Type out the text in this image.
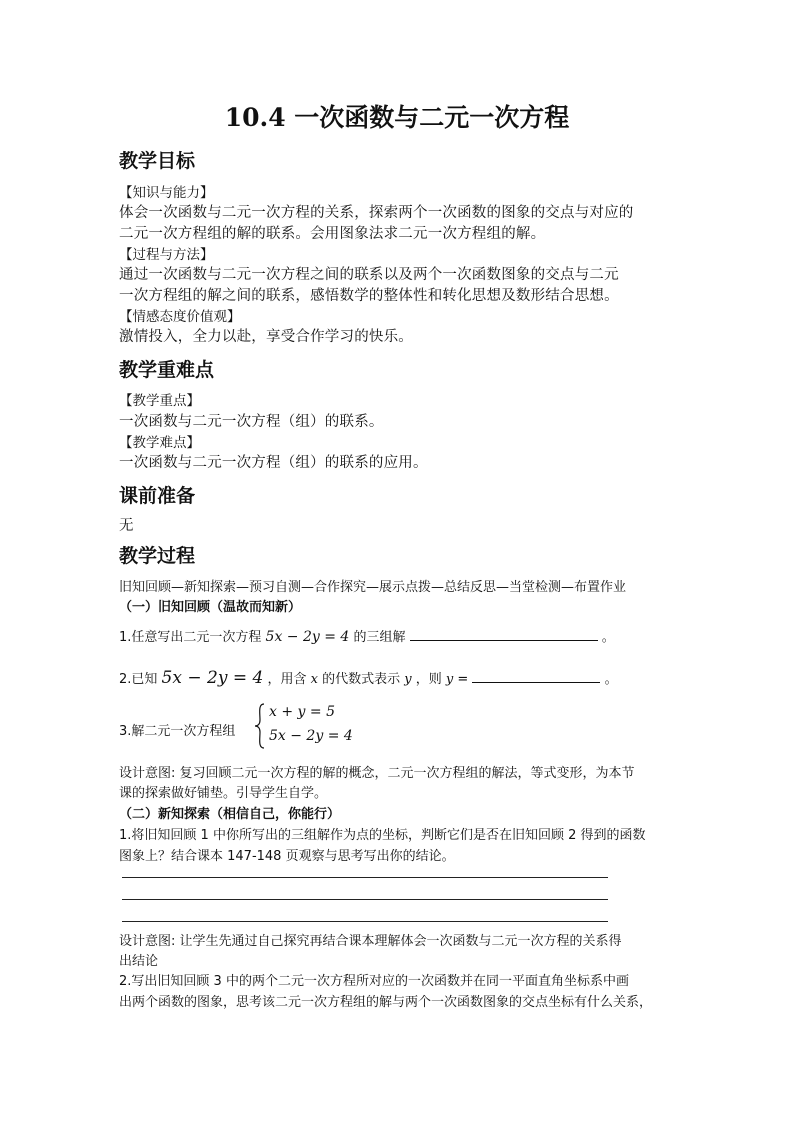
10.4 一次函数与二元一次方程
教学目标
【知识与能力】
体会一次函数与二元一次方程的关系，探索两个一次函数的图象的交点与对应的
二元一次方程组的解的联系。会用图象法求二元一次方程组的解。
【过程与方法】
通过一次函数与二元一次方程之间的联系以及两个一次函数图象的交点与二元
一次方程组的解之间的联系，感悟数学的整体性和转化思想及数形结合思想。
【情感态度价值观】
激情投入，全力以赴，享受合作学习的快乐。
教学重难点
【教学重点】
一次函数与二元一次方程（组）的联系。
【教学难点】
一次函数与二元一次方程（组）的联系的应用。
课前准备
无
教学过程
旧知回顾—新知探索—预习自测—合作探究—展示点拨—总结反思—当堂检测—布置作业
（一）旧知回顾（温故而知新）
1.任意写出二元一次方程 5x − 2y = 4 的三组解	。
2.已知 5x − 2y = 4 ，用含 x 的代数式表示 y ，则 y =	。
3.解二元一次方程组
x + y = 5
5x − 2y = 4
设计意图: 复习回顾二元一次方程的解的概念，二元一次方程组的解法，等式变形，为本节
课的探索做好铺垫。引导学生自学。
（二）新知探索（相信自己，你能行）
1.将旧知回顾 1 中你所写出的三组解作为点的坐标，判断它们是否在旧知回顾 2 得到的函数
图象上？结合课本 147-148 页观察与思考写出你的结论。
设计意图: 让学生先通过自己探究再结合课本理解体会一次函数与二元一次方程的关系得
出结论
2.写出旧知回顾 3 中的两个二元一次方程所对应的一次函数并在同一平面直角坐标系中画
出两个函数的图象，思考该二元一次方程组的解与两个一次函数图象的交点坐标有什么关系，
